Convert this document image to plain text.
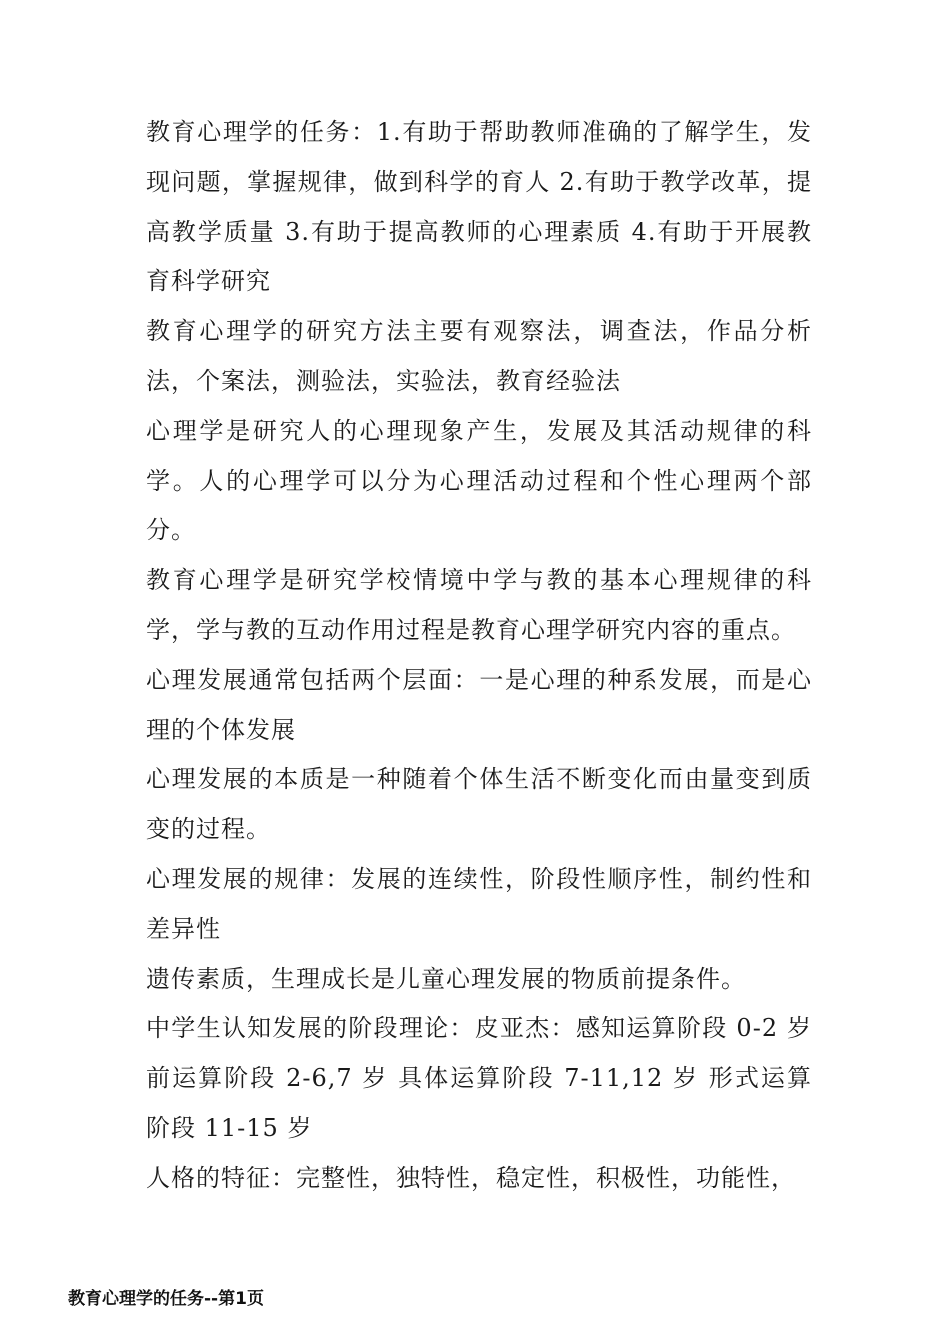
教育心理学的任务：1.有助于帮助教师准确的了解学生，发现问题，掌握规律，做到科学的育人 2.有助于教学改革，提高教学质量 3.有助于提高教师的心理素质 4.有助于开展教育科学研究

教育心理学的研究方法主要有观察法，调查法，作品分析法，个案法，测验法，实验法，教育经验法

心理学是研究人的心理现象产生，发展及其活动规律的科学。人的心理学可以分为心理活动过程和个性心理两个部分。

教育心理学是研究学校情境中学与教的基本心理规律的科学，学与教的互动作用过程是教育心理学研究内容的重点。

心理发展通常包括两个层面：一是心理的种系发展，而是心理的个体发展

心理发展的本质是一种随着个体生活不断变化而由量变到质变的过程。

心理发展的规律：发展的连续性，阶段性顺序性，制约性和差异性

遗传素质，生理成长是儿童心理发展的物质前提条件。

中学生认知发展的阶段理论：皮亚杰：感知运算阶段 0-2 岁前运算阶段 2-6,7 岁 具体运算阶段 7-11,12 岁 形式运算阶段 11-15 岁

人格的特征：完整性，独特性，稳定性，积极性，功能性，

教育心理学的任务--第1页
